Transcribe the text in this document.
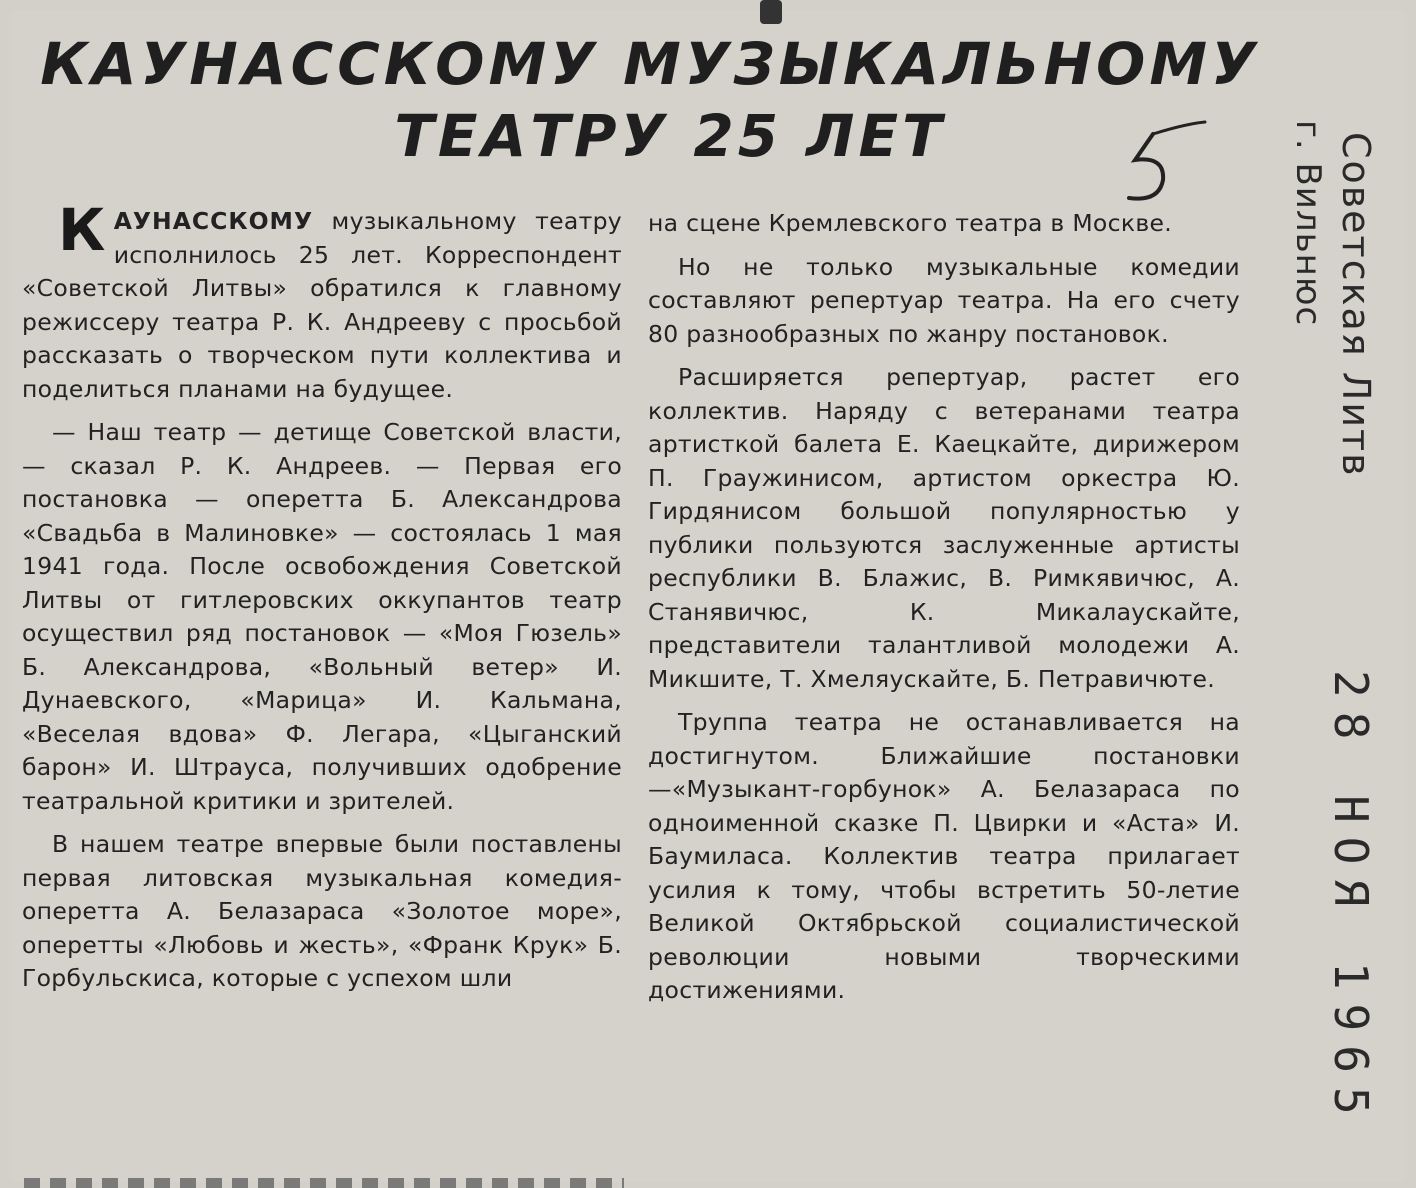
КАУНАССКОМУ МУЗЫКАЛЬНОМУ
ТЕАТРУ 25 ЛЕТ

КАУНАССКОМУ музыкальному театру исполнилось 25 лет. Корреспондент «Советской Литвы» обратился к главному режиссеру театра Р. К. Андрееву с просьбой рассказать о творческом пути коллектива и поделиться планами на будущее.

— Наш театр — детище Советской власти, — сказал Р. К. Андреев. — Первая его постановка — оперетта Б. Александрова «Свадьба в Малиновке» — состоялась 1 мая 1941 года. После освобождения Советской Литвы от гитлеровских оккупантов театр осуществил ряд постановок — «Моя Гюзель» Б. Александрова, «Вольный ветер» И. Дунаевского, «Марица» И. Кальмана, «Веселая вдова» Ф. Легара, «Цыганский барон» И. Штрауса, получивших одобрение театральной критики и зрителей.

В нашем театре впервые были поставлены первая литовская музыкальная комедия-оперетта А. Белазараса «Золотое море», оперетты «Любовь и жесть», «Франк Крук» Б. Горбульскиса, которые с успехом шли

на сцене Кремлевского театра в Москве.

Но не только музыкальные комедии составляют репертуар театра. На его счету 80 разнообразных по жанру постановок.

Расширяется репертуар, растет его коллектив. Наряду с ветеранами театра артисткой балета Е. Каецкайте, дирижером П. Граужинисом, артистом оркестра Ю. Гирдянисом большой популярностью у публики пользуются заслуженные артисты республики В. Блажис, В. Римкявичюс, А. Станявичюс, К. Микалаускайте, представители талантливой молодежи А. Микшите, Т. Хмеляускайте, Б. Петравичюте.

Труппа театра не останавливается на достигнутом. Ближайшие постановки—«Музыкант-горбунок» А. Белазараса по одноименной сказке П. Цвирки и «Аста» И. Баумиласа. Коллектив театра прилагает усилия к тому, чтобы встретить 50-летие Великой Октябрьской социалистической революции новыми творческими достижениями.

Советская Литв
г. Вильнюс
28 НОЯ 1965
